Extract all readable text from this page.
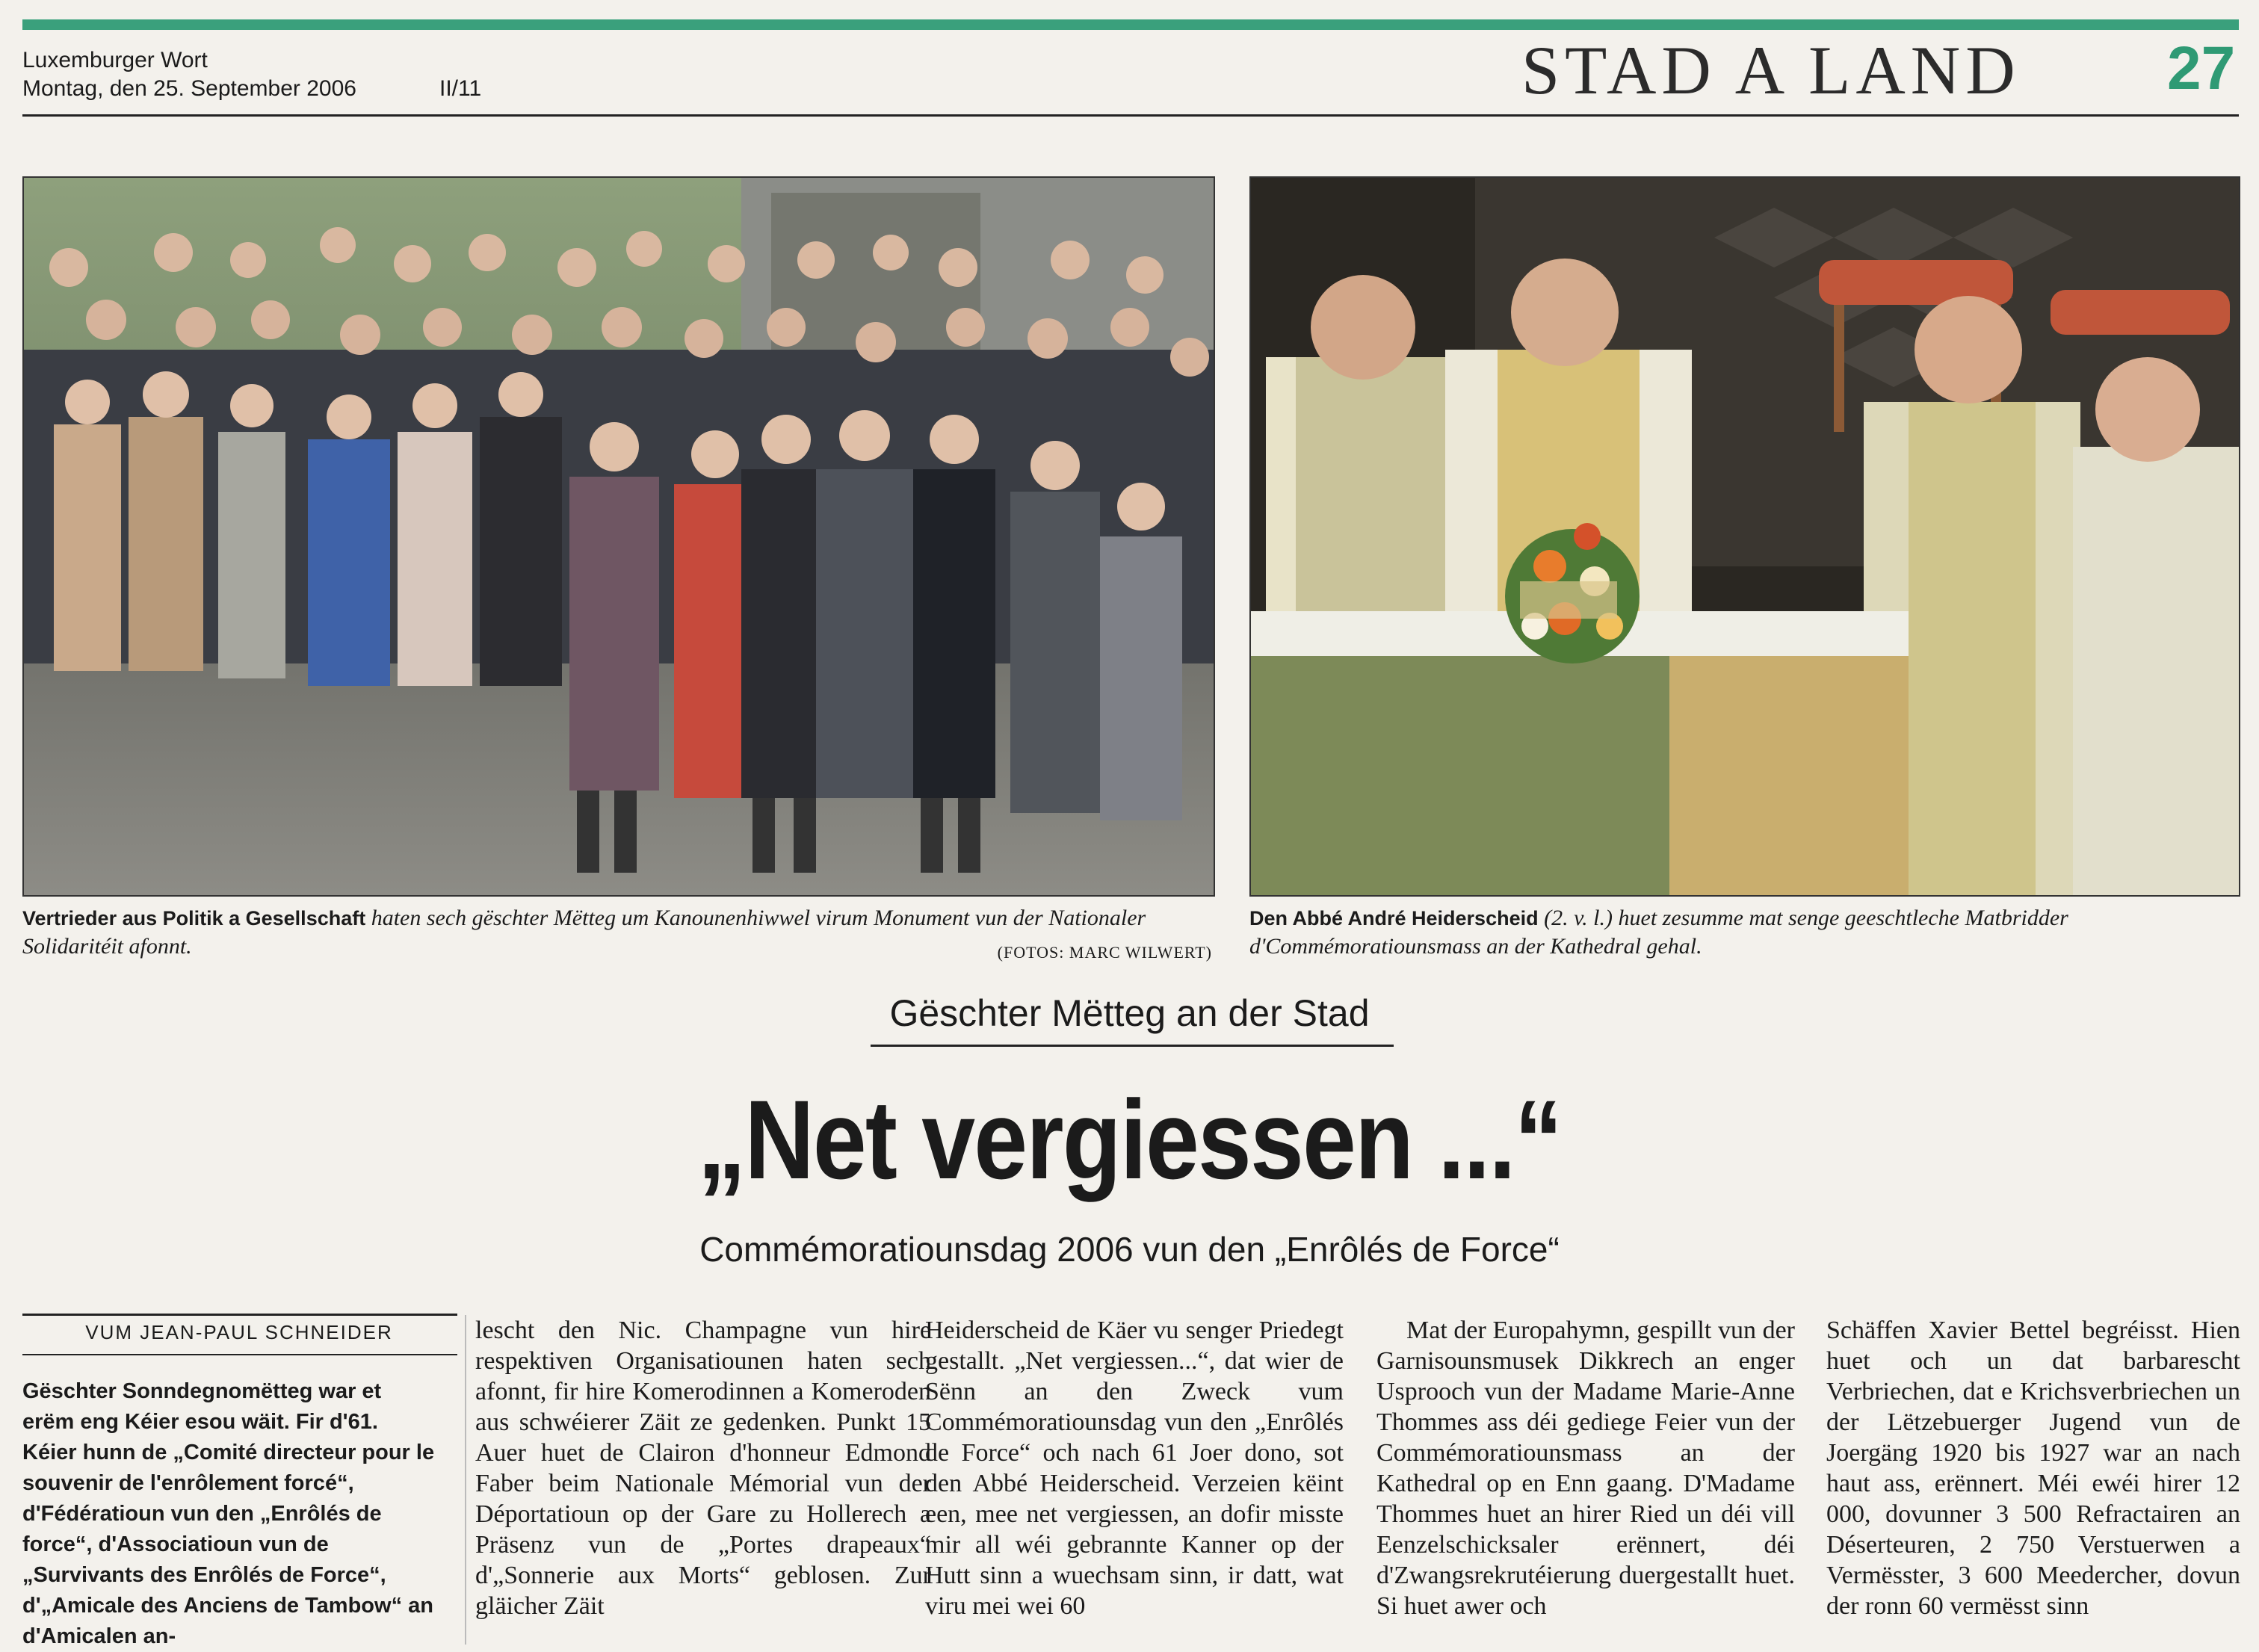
Luxemburger Wort
Montag, den 25. September 2006	II/11	STAD A LAND 27
Vertrieder aus Politik a Gesellschaft haten sech gëschter Mëtteg um Kanounenhiwwel virum Monument vun der Nationaler Solidaritéit afonnt.	(FOTOS: MARC WILWERT)
Den Abbé André Heiderscheid (2. v. l.) huet zesumme mat senge geeschtleche Matbridder d'Commémoratiounsmass an der Kathedral gehal.
Gëschter Mëtteg an der Stad
„Net vergiessen ...“
Commémoratiounsdag 2006 vun den „Enrôlés de Force“
VUM JEAN-PAUL SCHNEIDER
Gëschter Sonndegnomëtteg war et erëm eng Kéier esou wäit. Fir d'61. Kéier hunn de „Comité directeur pour le souvenir de l'enrôlement forcé“, d'Fédératioun vun den „Enrôlés de force“, d'Associatioun vun de „Survivants des Enrôlés de Force“, d'„Amicale des Anciens de Tambow“ an d'Amicalen an-

lescht den Nic. Champagne vun hire respektiven Organisatiounen haten sech afonnt, fir hire Komerodinnen a Komeroden aus schwéierer Zäit ze gedenken. Punkt 15 Auer huet de Clairon d'honneur Edmond Faber beim Nationale Mémorial vun der Déportatioun op der Gare zu Hollerech a Präsenz vun de „Portes drapeaux“ d'„Sonnerie aux Morts“ geblosen. Zur gläicher Zäit

Heiderscheid de Käer vu senger Priedegt gestallt. „Net vergiessen...“, dat wier de Sënn an den Zweck vum Commémoratiounsdag vun den „Enrôlés de Force“ och nach 61 Joer dono, sot den Abbé Heiderscheid. Verzeien këint een, mee net vergiessen, an dofir misste mir all wéi gebrannte Kanner op der Hutt sinn a wuechsam sinn, ir datt, wat viru mei wei 60

Mat der Europahymn, gespillt vun der Garnisounsmusek Dikkrech an enger Usprooch vun der Madame Marie-Anne Thommes ass déi gediege Feier vun der Commémoratiounsmass an der Kathedral op en Enn gaang. D'Madame Thommes huet an hirer Ried un déi vill Eenzelschicksaler erënnert, déi d'Zwangsrekrutéierung duergestallt huet. Si huet awer och

Schäffen Xavier Bettel begréisst. Hien huet och un dat barbarescht Verbriechen, dat e Krichsverbriechen un der Lëtzebuerger Jugend vun de Joergäng 1920 bis 1927 war an nach haut ass, erënnert. Méi ewéi hirer 12 000, dovunner 3 500 Refractairen an Déserteuren, 2 750 Verstuerwen a Vermësster, 3 600 Meedercher, dovun der ronn 60 vermësst sinn
